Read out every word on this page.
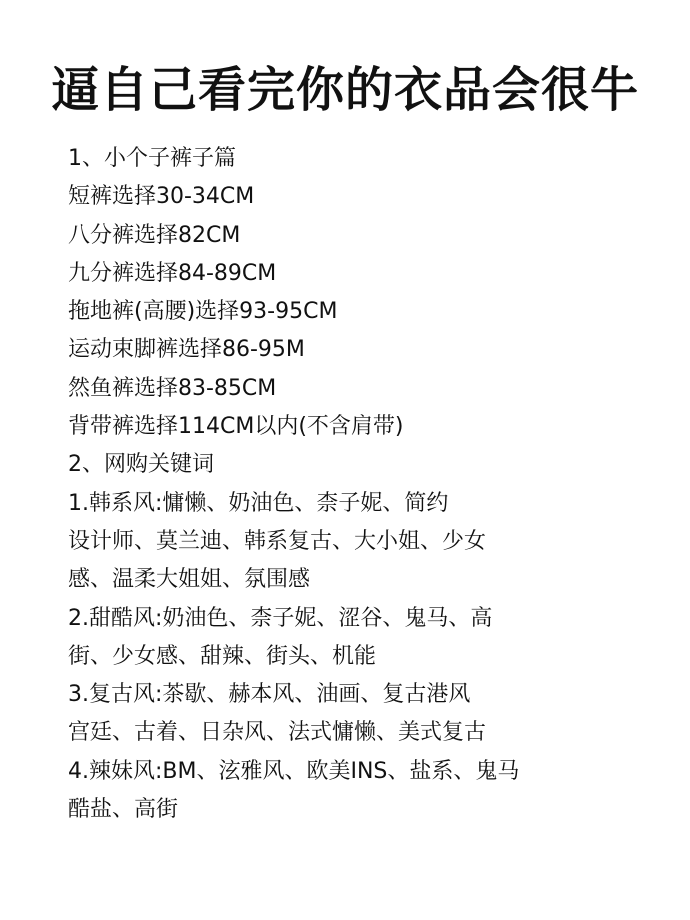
逼自己看完你的衣品会很牛
1、小个子裤子篇
短裤选择30-34CM
八分裤选择82CM
九分裤选择84-89CM
拖地裤(高腰)选择93-95CM
运动束脚裤选择86-95M
然鱼裤选择83-85CM
背带裤选择114CM以内(不含肩带)
2、网购关键词
1.韩系风:慵懒、奶油色、柰子妮、简约
设计师、莫兰迪、韩系复古、大小姐、少女
感、温柔大姐姐、氛围感
2.甜酷风:奶油色、柰子妮、涩谷、鬼马、高
街、少女感、甜辣、街头、机能
3.复古风:茶歇、赫本风、油画、复古港风
宫廷、古着、日杂风、法式慵懒、美式复古
4.辣妹风:BM、泫雅风、欧美INS、盐系、鬼马
酷盐、高街
